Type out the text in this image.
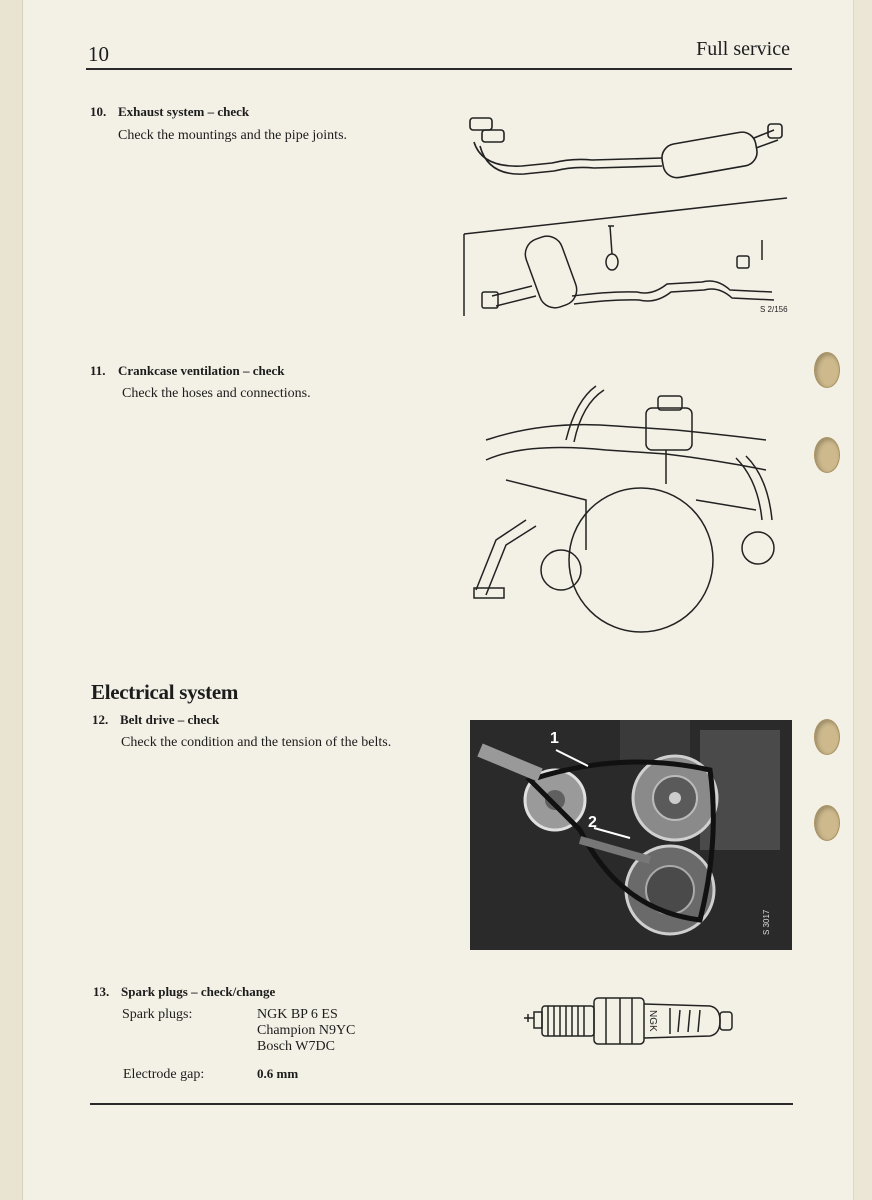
10	Full service
10. Exhaust system – check
Check the mountings and the pipe joints.
11. Crankcase ventilation – check
Check the hoses and connections.
Electrical system
12. Belt drive – check
Check the condition and the tension of the belts.
13. Spark plugs – check/change
Spark plugs:	NGK BP 6 ES
Champion N9YC
Bosch W7DC
Electrode gap:	0.6 mm
S 2/156
1
2
S 3017
NGK
